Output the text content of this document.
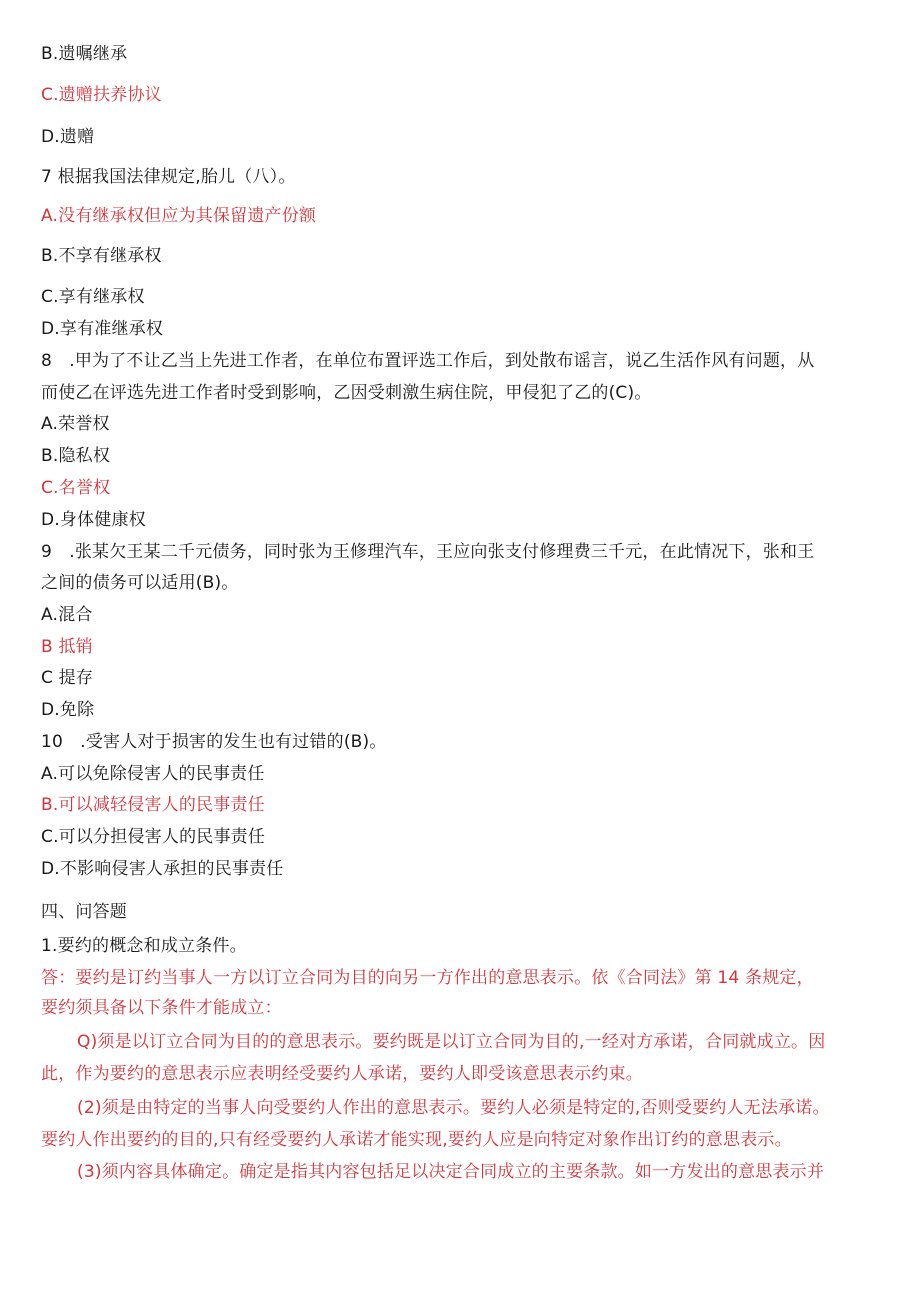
B.遗嘱继承
C.遗赠扶养协议
D.遗赠
7 根据我国法律规定,胎儿（八）。
A.没有继承权但应为其保留遗产份额
B.不享有继承权
C.享有继承权
D.享有准继承权
8　.甲为了不让乙当上先进工作者，在单位布置评选工作后，到处散布谣言，说乙生活作风有问题，从
而使乙在评选先进工作者时受到影响，乙因受刺激生病住院，甲侵犯了乙的(C)。
A.荣誉权
B.隐私权
C.名誉权
D.身体健康权
9　.张某欠王某二千元债务，同时张为王修理汽车，王应向张支付修理费三千元，在此情况下，张和王
之间的债务可以适用(B)。
A.混合
B 抵销
C 提存
D.免除
10　.受害人对于损害的发生也有过错的(B)。
A.可以免除侵害人的民事责任
B.可以减轻侵害人的民事责任
C.可以分担侵害人的民事责任
D.不影响侵害人承担的民事责任
四、问答题
1.要约的概念和成立条件。
答：要约是订约当事人一方以订立合同为目的向另一方作出的意思表示。依《合同法》第 14 条规定，
要约须具备以下条件才能成立：
Q)须是以订立合同为目的的意思表示。要约既是以订立合同为目的,一经对方承诺，合同就成立。因
此，作为要约的意思表示应表明经受要约人承诺，要约人即受该意思表示约束。
(2)须是由特定的当事人向受要约人作出的意思表示。要约人必须是特定的,否则受要约人无法承诺。
要约人作出要约的目的,只有经受要约人承诺才能实现,要约人应是向特定对象作出订约的意思表示。
(3)须内容具体确定。确定是指其内容包括足以决定合同成立的主要条款。如一方发出的意思表示并
